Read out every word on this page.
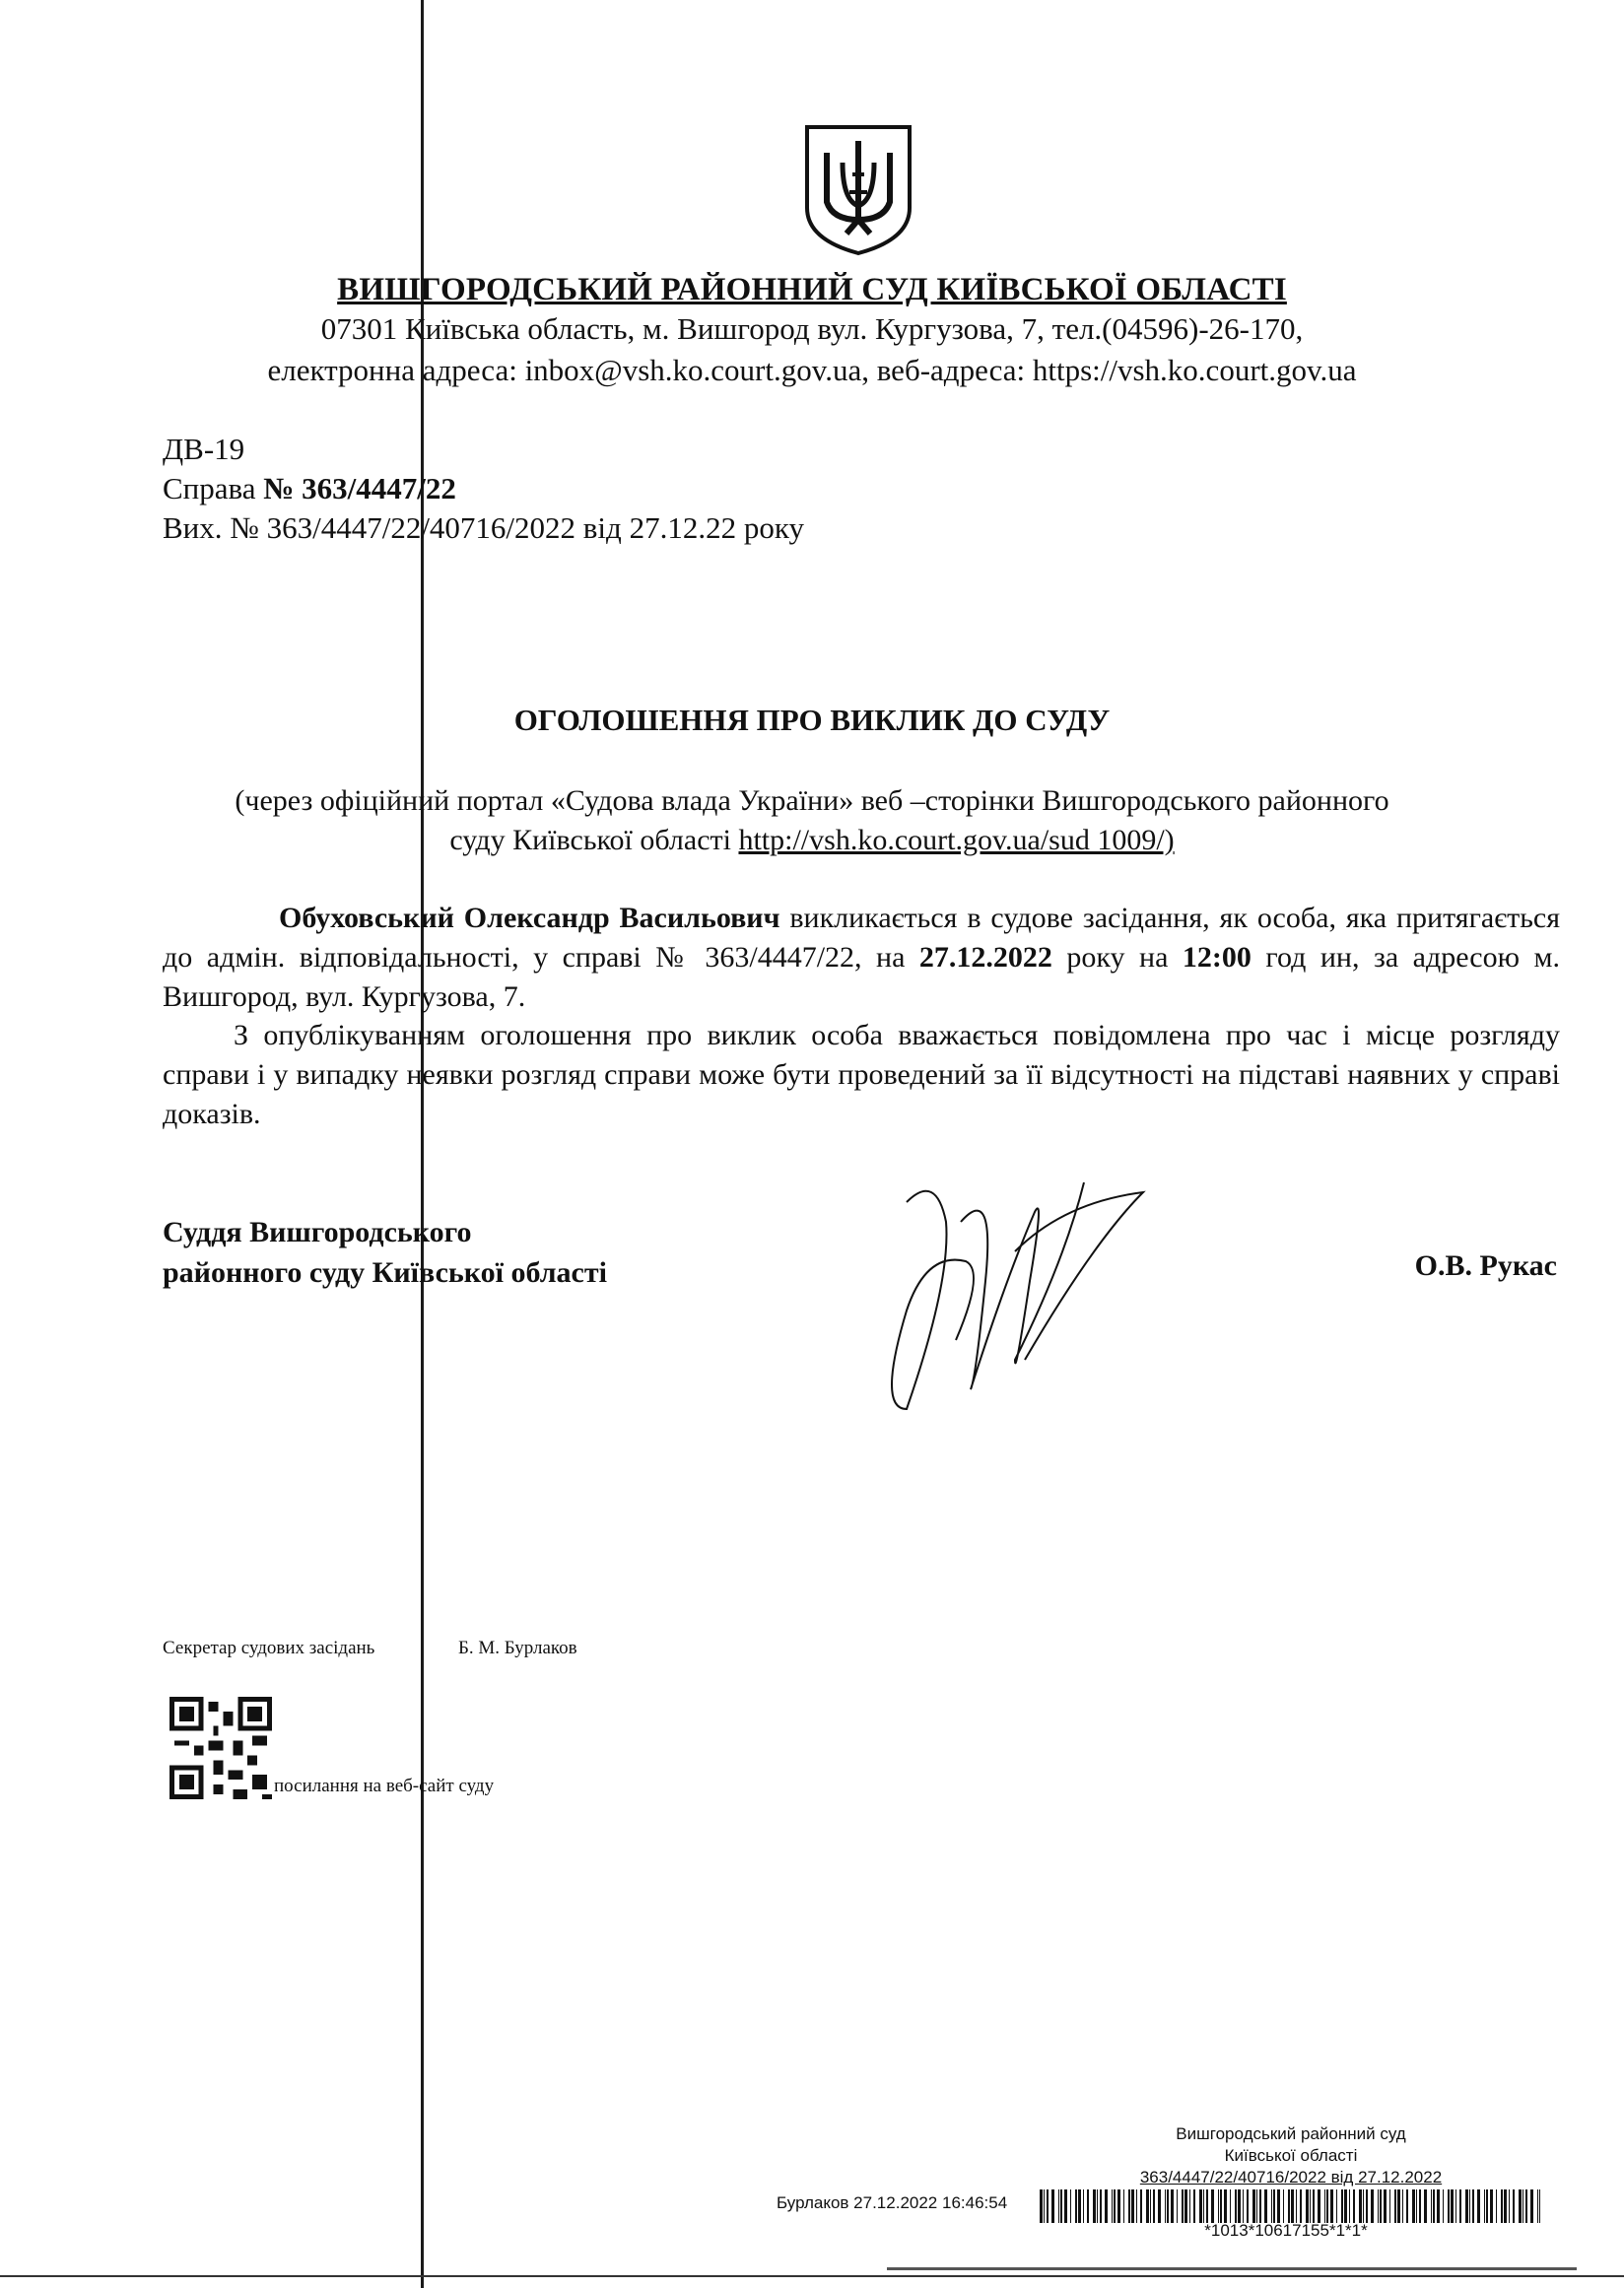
ВИШГОРОДСЬКИЙ РАЙОННИЙ СУД КИЇВСЬКОЇ ОБЛАСТІ
07301 Київська область, м. Вишгород вул. Кургузова, 7, тел.(04596)-26-170,
електронна адреса: inbox@vsh.ko.court.gov.ua, веб-адреса: https://vsh.ko.court.gov.ua
ДВ-19
Справа № 363/4447/22
Вих. № 363/4447/22/40716/2022 від 27.12.22 року
ОГОЛОШЕННЯ ПРО ВИКЛИК ДО СУДУ
(через офіційний портал «Судова влада України» веб –сторінки Вишгородського районного
суду Київської області http://vsh.ko.court.gov.ua/sud 1009/)
Обуховський Олександр Васильович викликається в судове засідання, як особа, яка притягається до адмін. відповідальності, у справі № 363/4447/22, на 27.12.2022 року на 12:00 год ин, за адресою м. Вишгород, вул. Кургузова, 7.
З опублікуванням оголошення про виклик особа вважається повідомлена про час і місце розгляду справи і у випадку неявки розгляд справи може бути проведений за її відсутності на підставі наявних у справі доказів.
Суддя Вишгородського
районного суду Київської області	О.В. Рукас
Секретар судових засідань	Б. М. Бурлаков
посилання на веб-сайт суду
Вишгородський районний суд
Київської області
363/4447/22/40716/2022 від 27.12.2022
Бурлаков 27.12.2022 16:46:54
*1013*10617155*1*1*
